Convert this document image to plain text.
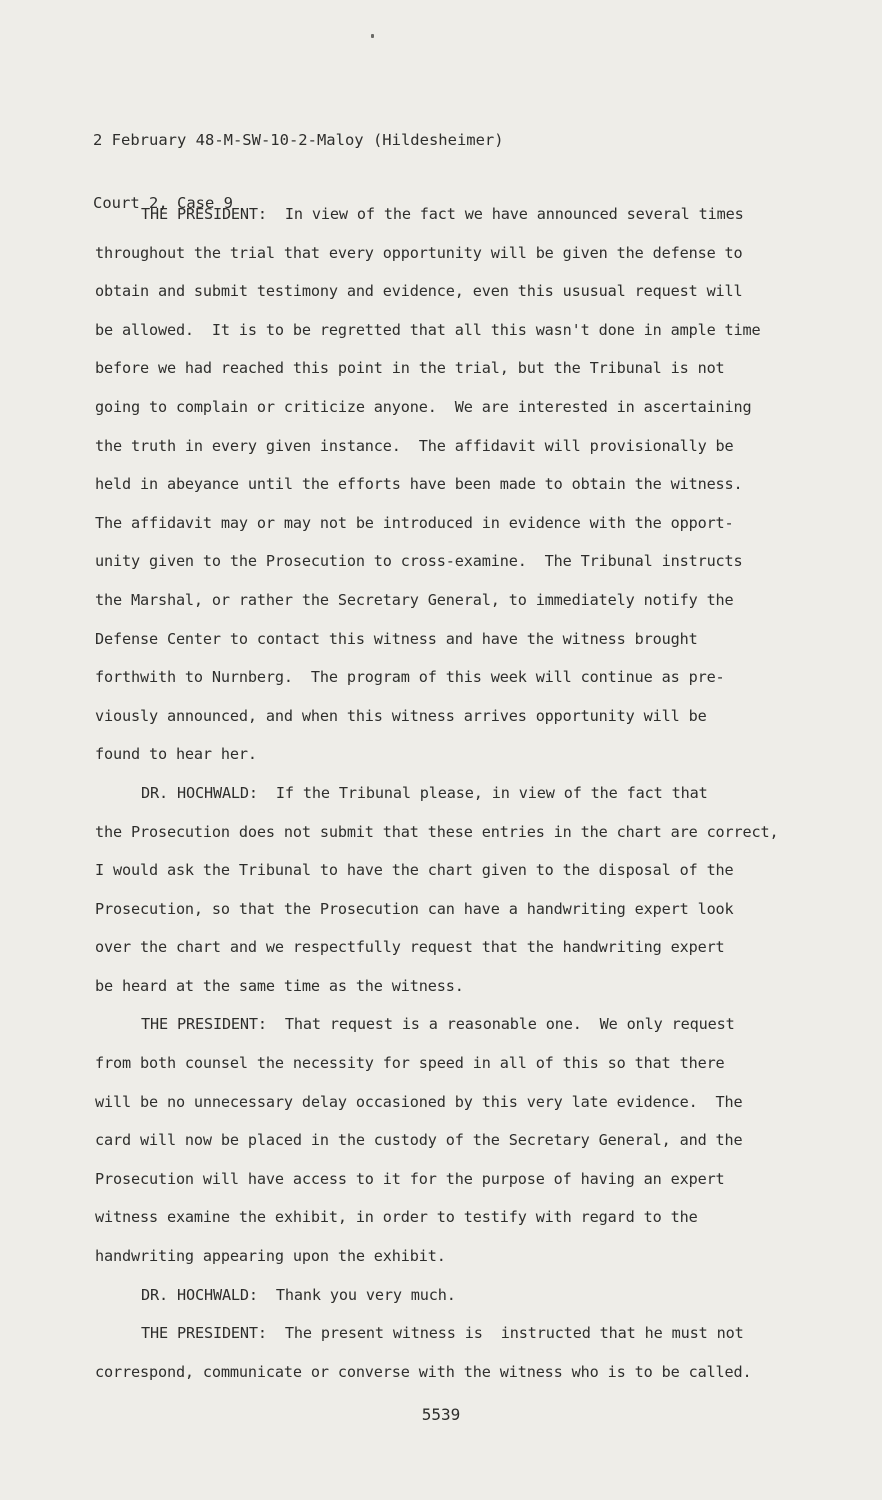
2 February 48-M-SW-10-2-Maloy (Hildesheimer)

Court 2, Case 9

THE PRESIDENT:  In view of the fact we have announced several times
throughout the trial that every opportunity will be given the defense to
obtain and submit testimony and evidence, even this ususual request will
be allowed.  It is to be regretted that all this wasn't done in ample time
before we had reached this point in the trial, but the Tribunal is not
going to complain or criticize anyone.  We are interested in ascertaining
the truth in every given instance.  The affidavit will provisionally be
held in abeyance until the efforts have been made to obtain the witness.
The affidavit may or may not be introduced in evidence with the opport-
unity given to the Prosecution to cross-examine.  The Tribunal instructs
the Marshal, or rather the Secretary General, to immediately notify the
Defense Center to contact this witness and have the witness brought
forthwith to Nurnberg.  The program of this week will continue as pre-
viously announced, and when this witness arrives opportunity will be
found to hear her.
DR. HOCHWALD:  If the Tribunal please, in view of the fact that
the Prosecution does not submit that these entries in the chart are correct,
I would ask the Tribunal to have the chart given to the disposal of the
Prosecution, so that the Prosecution can have a handwriting expert look
over the chart and we respectfully request that the handwriting expert
be heard at the same time as the witness.
THE PRESIDENT:  That request is a reasonable one.  We only request
from both counsel the necessity for speed in all of this so that there
will be no unnecessary delay occasioned by this very late evidence.  The
card will now be placed in the custody of the Secretary General, and the
Prosecution will have access to it for the purpose of having an expert
witness examine the exhibit, in order to testify with regard to the
handwriting appearing upon the exhibit.
DR. HOCHWALD:  Thank you very much.
THE PRESIDENT:  The present witness is  instructed that he must not
correspond, communicate or converse with the witness who is to be called.
5539
